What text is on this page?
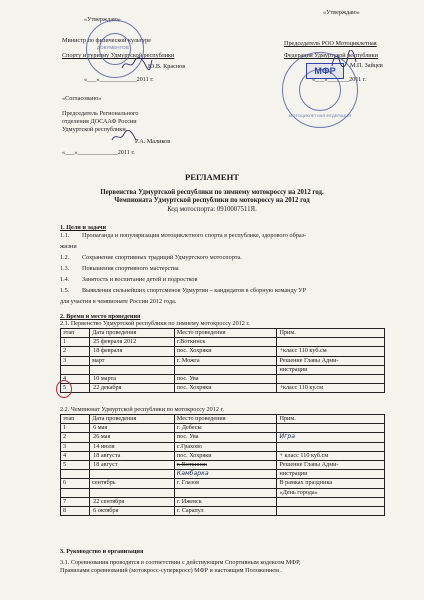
«Утверждаю»
Министр по физической культуре
Спорту и туризму Удмуртской республики
Ю.В. Краснов
«___»____________2011 г.
ДОКУМЕНТОВ
«Утверждаю»
Председатель РОО Мотоциклетная
Федерация Удмуртской республики
М.П. Зайцев
«___»_______2011 г.
МОТОЦИКЛЕТНАЯ ФЕДЕРАЦИЯ
МФР
«Согласовано»
Председатель Регионального
отделения ДОСААФ России
Удмуртской республики
Р.А. Маликов
«___»_____________2011 г.
РЕГЛАМЕНТ
Первенства Удмуртской республики по зимнему мотокроссу на 2012 год.
Чемпионата Удмуртской республики по мотокроссу на 2012 год
Код мотоспорта: 0910007511Я.
1. Цели и задачи
1.1. Пропаганда и популяризация мотоциклетного спорта в республике, здорового образ-
жизни
1.2. Сохранение спортивных традиций Удмуртского мотоспорта.
1.3. Повышения спортивного мастерства
1.4. Занятость и воспитание детей и подростков
1.5. Выявления сильнейших спортсменов Удмуртии – кандидатов в сборную команду УР
для участия в чемпионате России 2012 года.
2. Время и место проведения
2.1. Первенство Удмуртской республики по зимнему мотокроссу 2012 г.
этап	Дата проведения	Место проведения	Прим.
1	25 февраля 2012	г.Воткинск	
2	18 февраля	пос. Хохряки	+класс 110 куб.см
3	март	г. Можга	Решение Главы Адми-
			нистрации
4	10 марта	пос. Ува	
5	22 декабря	пос. Хохряки	+класс 110 ку.см
2.2. Чемпионат Удмуртской республики по мотокроссу 2012 г.
этап	Дата проведения	Место проведения	Прим.
1	6 мая	г. Дебесы	
2	26 мая	пос. Ува	Игра
3	14 июля	с.Грахово	
4	18 августа	пос. Хохряки	+ класс 110 куб.см
5	18 август	г. Воткинск	Решение Главы Адми-
		Камбарка	нистрации
6	сентябрь	г. Глазов	В рамках праздника
			«День города»
7	22 сентября	г. Ижевск	
8	6 октября	г. Сарапул	
3. Руководство и организация
3.1. Соревнования проводятся в соответствии с действующим Спортивным кодексом МФР,
Правилами соревнований (мотокросс-суперкросс) МФР и настоящим Положением .
